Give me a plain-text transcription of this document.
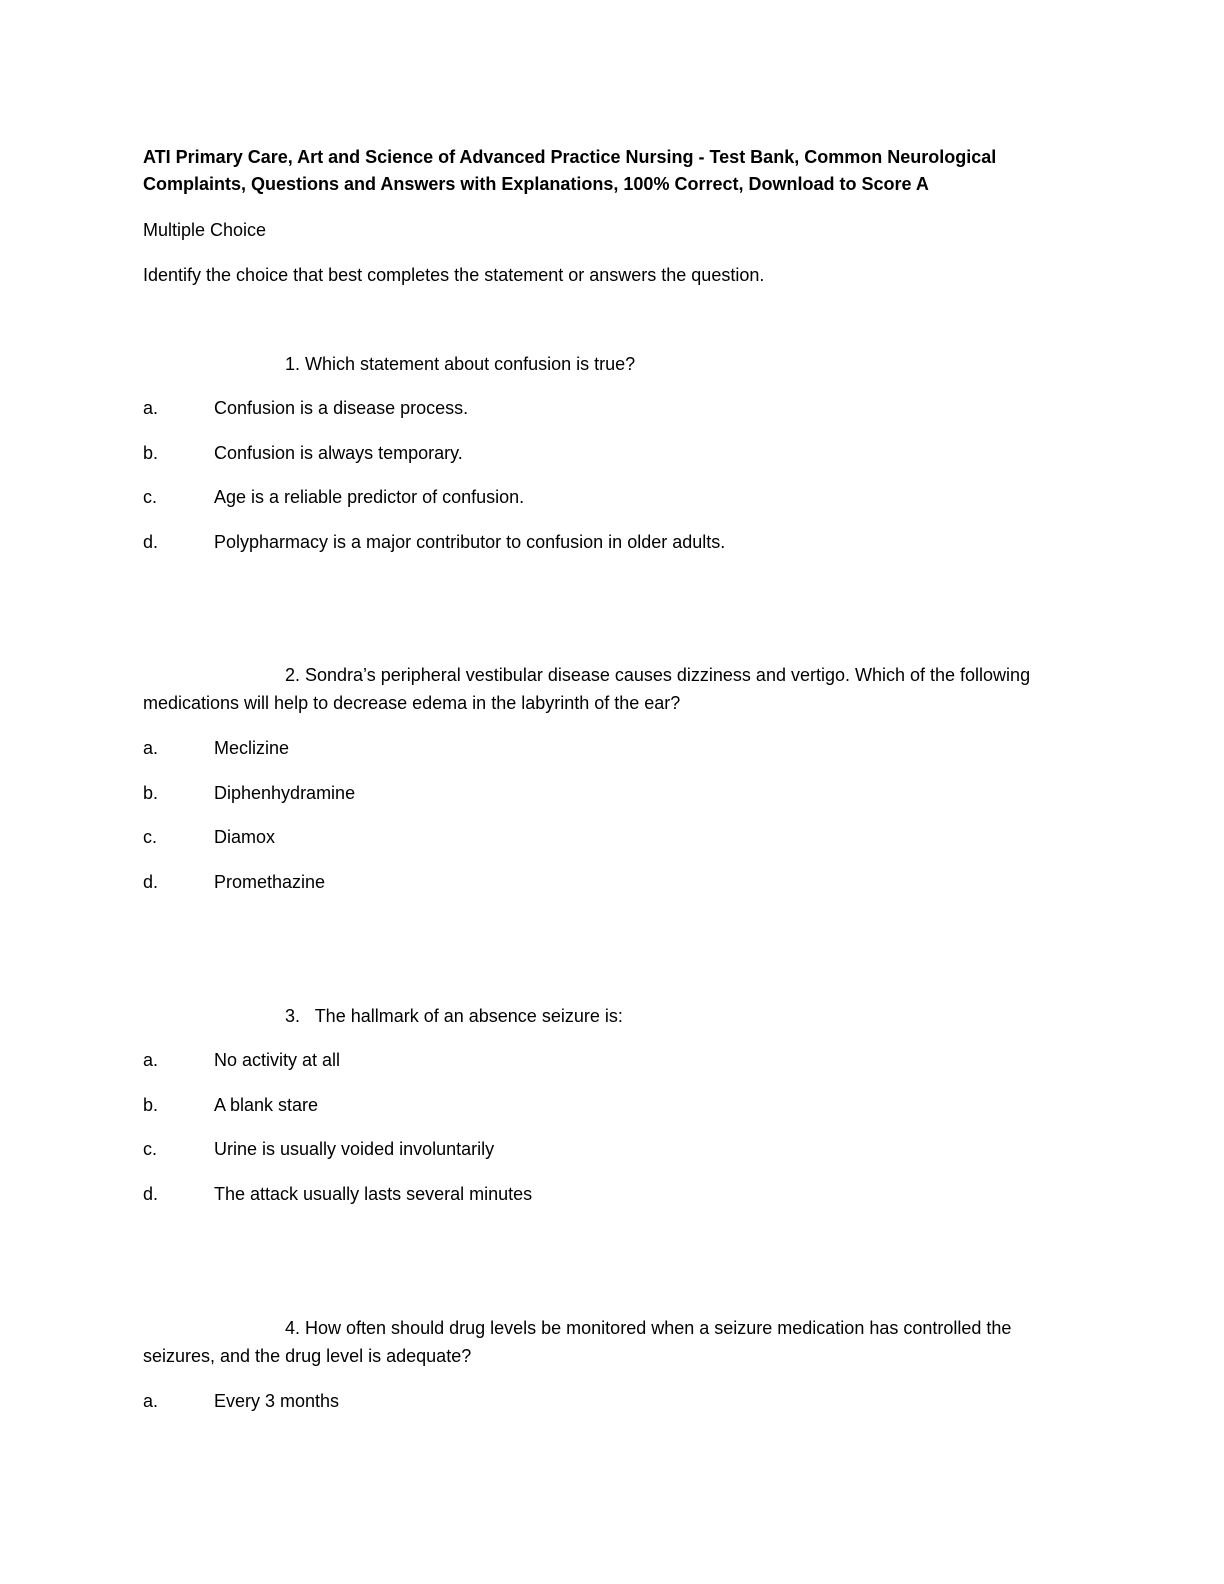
ATI Primary Care, Art and Science of Advanced Practice Nursing - Test Bank, Common Neurological Complaints, Questions and Answers with Explanations, 100% Correct, Download to Score A

Multiple Choice

Identify the choice that best completes the statement or answers the question.

1. Which statement about confusion is true?

a.	Confusion is a disease process.

b.	Confusion is always temporary.

c.	Age is a reliable predictor of confusion.

d.	Polypharmacy is a major contributor to confusion in older adults.

2. Sondra’s peripheral vestibular disease causes dizziness and vertigo. Which of the following medications will help to decrease edema in the labyrinth of the ear?

a.	Meclizine

b.	Diphenhydramine

c.	Diamox

d.	Promethazine

3.   The hallmark of an absence seizure is:

a.	No activity at all

b.	A blank stare

c.	Urine is usually voided involuntarily

d.	The attack usually lasts several minutes

4. How often should drug levels be monitored when a seizure medication has controlled the seizures, and the drug level is adequate?

a.	Every 3 months
